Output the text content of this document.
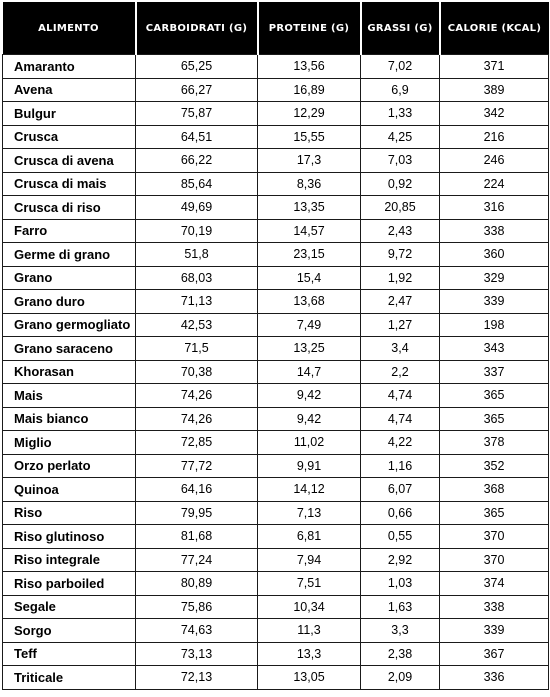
ALIMENTO	CARBOIDRATI (G)	PROTEINE (G)	GRASSI (G)	CALORIE (KCAL)
Amaranto	65,25	13,56	7,02	371
Avena	66,27	16,89	6,9	389
Bulgur	75,87	12,29	1,33	342
Crusca	64,51	15,55	4,25	216
Crusca di avena	66,22	17,3	7,03	246
Crusca di mais	85,64	8,36	0,92	224
Crusca di riso	49,69	13,35	20,85	316
Farro	70,19	14,57	2,43	338
Germe di grano	51,8	23,15	9,72	360
Grano	68,03	15,4	1,92	329
Grano duro	71,13	13,68	2,47	339
Grano germogliato	42,53	7,49	1,27	198
Grano saraceno	71,5	13,25	3,4	343
Khorasan	70,38	14,7	2,2	337
Mais	74,26	9,42	4,74	365
Mais bianco	74,26	9,42	4,74	365
Miglio	72,85	11,02	4,22	378
Orzo perlato	77,72	9,91	1,16	352
Quinoa	64,16	14,12	6,07	368
Riso	79,95	7,13	0,66	365
Riso glutinoso	81,68	6,81	0,55	370
Riso integrale	77,24	7,94	2,92	370
Riso parboiled	80,89	7,51	1,03	374
Segale	75,86	10,34	1,63	338
Sorgo	74,63	11,3	3,3	339
Teff	73,13	13,3	2,38	367
Triticale	72,13	13,05	2,09	336
